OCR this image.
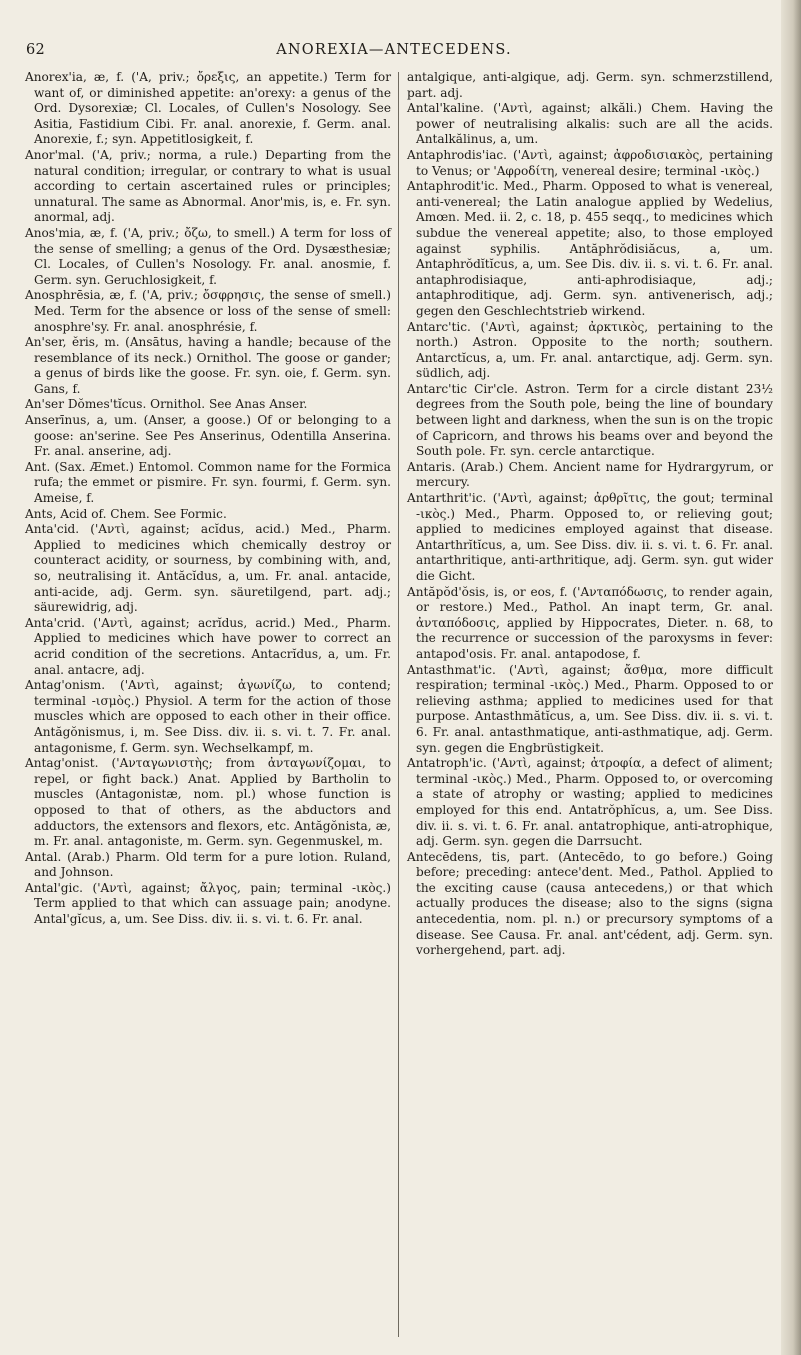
62	ANOREXIA—ANTECEDENS.

Anorex'ia, æ, f. ('A, priv.; ὄρεξις, an appetite.) Term for want of, or diminished appetite: an'orexy: a genus of the Ord. Dysorexiæ; Cl. Locales, of Cullen's Nosology. See Asitia, Fastidium Cibi. Fr. anal. anorexie, f. Germ. anal. Anorexie, f.; syn. Appetitlosigkeit, f.

Anor'mal. ('A, priv.; norma, a rule.) Departing from the natural condition; irregular, or contrary to what is usual according to certain ascertained rules or principles; unnatural. The same as Abnormal. Anor'mis, is, e. Fr. syn. anormal, adj.

Anos'mia, æ, f. ('A, priv.; ὄζω, to smell.) A term for loss of the sense of smelling; a genus of the Ord. Dysæsthesiæ; Cl. Locales, of Cullen's Nosology. Fr. anal. anosmie, f. Germ. syn. Geruchlosigkeit, f.

Anosphrēsia, æ, f. ('A, priv.; ὄσφρησις, the sense of smell.) Med. Term for the absence or loss of the sense of smell: anosphre'sy. Fr. anal. anosphrésie, f.

An'ser, ĕris, m. (Ansātus, having a handle; because of the resemblance of its neck.) Ornithol. The goose or gander; a genus of birds like the goose. Fr. syn. oie, f. Germ. syn. Gans, f.

An'ser Dŏmes'tĭcus. Ornithol. See Anas Anser.

Anserīnus, a, um. (Anser, a goose.) Of or belonging to a goose: an'serine. See Pes Anserinus, Odentilla Anserina. Fr. anal. anserine, adj.

Ant. (Sax. Æmet.) Entomol. Common name for the Formica rufa; the emmet or pismire. Fr. syn. fourmi, f. Germ. syn. Ameise, f.

Ants, Acid of. Chem. See Formic.

Anta'cid. ('Αντὶ, against; acĭdus, acid.) Med., Pharm. Applied to medicines which chemically destroy or counteract acidity, or sourness, by combining with, and, so, neutralising it. Antăcĭdus, a, um. Fr. anal. antacide, anti-acide, adj. Germ. syn. säuretilgend, part. adj.; säurewidrig, adj.

Anta'crid. ('Αντὶ, against; acrĭdus, acrid.) Med., Pharm. Applied to medicines which have power to correct an acrid condition of the secretions. Antacrĭdus, a, um. Fr. anal. antacre, adj.

Antag'onism. ('Αντὶ, against; ἀγωνίζω, to contend; terminal -ισμὸς.) Physiol. A term for the action of those muscles which are opposed to each other in their office. Antăgŏnismus, i, m. See Diss. div. ii. s. vi. t. 7. Fr. anal. antagonisme, f. Germ. syn. Wechselkampf, m.

Antag'onist. ('Ανταγωνιστὴς; from ἀνταγωνίζομαι, to repel, or fight back.) Anat. Applied by Bartholin to muscles (Antagonistæ, nom. pl.) whose function is opposed to that of others, as the abductors and adductors, the extensors and flexors, etc. Antăgŏnista, æ, m. Fr. anal. antagoniste, m. Germ. syn. Gegenmuskel, m.

Antal. (Arab.) Pharm. Old term for a pure lotion. Ruland, and Johnson.

Antal'gic. ('Αντὶ, against; ἄλγος, pain; terminal -ικὸς.) Term applied to that which can assuage pain; anodyne. Antal'gĭcus, a, um. See Diss. div. ii. s. vi. t. 6. Fr. anal.

antalgique, anti-algique, adj. Germ. syn. schmerzstillend, part. adj.

Antal'kaline. ('Αντὶ, against; alkăli.) Chem. Having the power of neutralising alkalis: such are all the acids. Antalkălinus, a, um.

Antaphrodis'iac. ('Αντὶ, against; ἀφροδισιακὸς, pertaining to Venus; or 'Αφροδίτη, venereal desire; terminal -ικὸς.)

Antaphrodit'ic. Med., Pharm. Opposed to what is venereal, anti-venereal; the Latin analogue applied by Wedelius, Amœn. Med. ii. 2, c. 18, p. 455 seqq., to medicines which subdue the venereal appetite; also, to those employed against syphilis. Antăphrŏdisiăcus, a, um. Antaphrŏdĭtĭcus, a, um. See Dis. div. ii. s. vi. t. 6. Fr. anal. antaphrodisiaque, anti-aphrodisiaque, adj.; antaphroditique, adj. Germ. syn. antivenerisch, adj.; gegen den Geschlechtstrieb wirkend.

Antarc'tic. ('Αντὶ, against; ἀρκτικὸς, pertaining to the north.) Astron. Opposite to the north; southern. Antarctĭcus, a, um. Fr. anal. antarctique, adj. Germ. syn. südlich, adj.

Antarc'tic Cir'cle. Astron. Term for a circle distant 23½ degrees from the South pole, being the line of boundary between light and darkness, when the sun is on the tropic of Capricorn, and throws his beams over and beyond the South pole. Fr. syn. cercle antarctique.

Antaris. (Arab.) Chem. Ancient name for Hydrargyrum, or mercury.

Antarthrit'ic. ('Αντὶ, against; ἀρθρῖτις, the gout; terminal -ικὸς.) Med., Pharm. Opposed to, or relieving gout; applied to medicines employed against that disease. Antarthrĭtĭcus, a, um. See Diss. div. ii. s. vi. t. 6. Fr. anal. antarthritique, anti-arthritique, adj. Germ. syn. gut wider die Gicht.

Antăpŏd'ŏsis, is, or eos, f. ('Ανταπόδωσις, to render again, or restore.) Med., Pathol. An inapt term, Gr. anal. ἀνταπόδοσις, applied by Hippocrates, Dieter. n. 68, to the recurrence or succession of the paroxysms in fever: antapod'osis. Fr. anal. antapodose, f.

Antasthmat'ic. ('Αντὶ, against; ἄσθμα, more difficult respiration; terminal -ικὸς.) Med., Pharm. Opposed to or relieving asthma; applied to medicines used for that purpose. Antasthmătĭcus, a, um. See Diss. div. ii. s. vi. t. 6. Fr. anal. antasthmatique, anti-asthmatique, adj. Germ. syn. gegen die Engbrüstigkeit.

Antatroph'ic. ('Αντὶ, against; ἀτροφία, a defect of aliment; terminal -ικὸς.) Med., Pharm. Opposed to, or overcoming a state of atrophy or wasting; applied to medicines employed for this end. Antatrŏphĭcus, a, um. See Diss. div. ii. s. vi. t. 6. Fr. anal. antatrophique, anti-atrophique, adj. Germ. syn. gegen die Darrsucht.

Antecēdens, tis, part. (Antecēdo, to go before.) Going before; preceding: antece'dent. Med., Pathol. Applied to the exciting cause (causa antecedens,) or that which actually produces the disease; also to the signs (signa antecedentia, nom. pl. n.) or precursory symptoms of a disease. See Causa. Fr. anal. ant'cédent, adj. Germ. syn. vorhergehend, part. adj.
